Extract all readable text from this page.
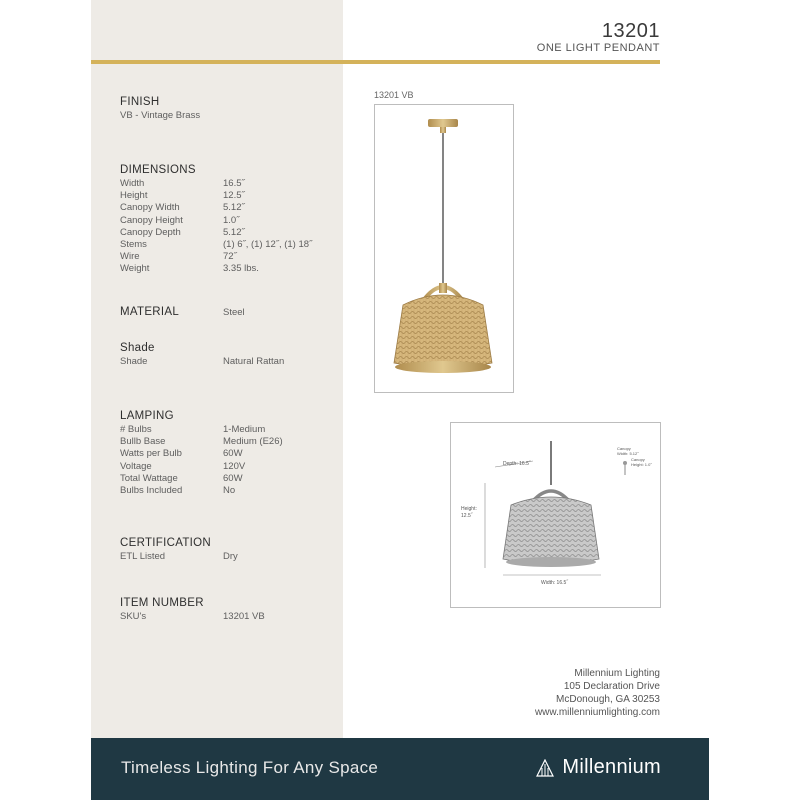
13201
ONE LIGHT PENDANT
FINISH
VB - Vintage Brass
DIMENSIONS
Width	16.5˝
Height	12.5˝
Canopy Width	5.12˝
Canopy Height	1.0˝
Canopy Depth	5.12˝
Stems	(1) 6˝, (1) 12˝, (1) 18˝
Wire	72˝
Weight	3.35 lbs.
MATERIAL	Steel
Shade
Shade	Natural Rattan
LAMPING
# Bulbs	1-Medium
Bullb Base	Medium (E26)
Watts per Bulb	60W
Voltage	120V
Total Wattage	60W
Bulbs Included	No
CERTIFICATION
ETL Listed	Dry
ITEM NUMBER
SKU's	13201 VB
13201 VB
Depth: 16.5˝
Height:
12.5˝
Width: 16.5˝
Canopy
Width: 5.12˝
Canopy
Height: 1.0˝
Millennium Lighting
105 Declaration Drive
McDonough, GA 30253
www.millenniumlighting.com
Timeless Lighting For Any Space	Millennium
